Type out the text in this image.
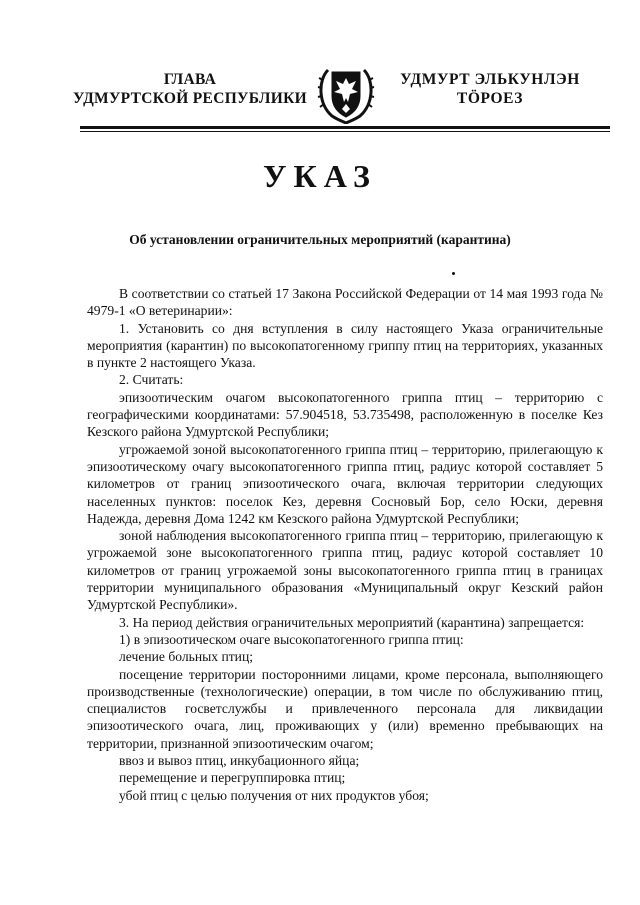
ГЛАВА
УДМУРТСКОЙ РЕСПУБЛИКИ
УДМУРТ ЭЛЬКУНЛЭН
ТӦРОЕЗ
УКАЗ
Об установлении ограничительных мероприятий (карантина)

В соответствии со статьей 17 Закона Российской Федерации от 14 мая 1993 года № 4979-1 «О ветеринарии»:

1. Установить со дня вступления в силу настоящего Указа ограничительные мероприятия (карантин) по высокопатогенному гриппу птиц на территориях, указанных в пункте 2 настоящего Указа.

2. Считать:

эпизоотическим очагом высокопатогенного гриппа птиц – территорию с географическими координатами: 57.904518, 53.735498, расположенную в поселке Кез Кезского района Удмуртской Республики;

угрожаемой зоной высокопатогенного гриппа птиц – территорию, прилегающую к эпизоотическому очагу высокопатогенного гриппа птиц, радиус которой составляет 5 километров от границ эпизоотического очага, включая территории следующих населенных пунктов: поселок Кез, деревня Сосновый Бор, село Юски, деревня Надежда, деревня Дома 1242 км Кезского района Удмуртской Республики;

зоной наблюдения высокопатогенного гриппа птиц – территорию, прилегающую к угрожаемой зоне высокопатогенного гриппа птиц, радиус которой составляет 10 километров от границ угрожаемой зоны высокопатогенного гриппа птиц в границах территории муниципального образования «Муниципальный округ Кезский район Удмуртской Республики».

3. На период действия ограничительных мероприятий (карантина) запрещается:

1) в эпизоотическом очаге высокопатогенного гриппа птиц:

лечение больных птиц;

посещение территории посторонними лицами, кроме персонала, выполняющего производственные (технологические) операции, в том числе по обслуживанию птиц, специалистов госветслужбы и привлеченного персонала для ликвидации эпизоотического очага, лиц, проживающих у (или) временно пребывающих на территории, признанной эпизоотическим очагом;

ввоз и вывоз птиц, инкубационного яйца;

перемещение и перегруппировка птиц;

убой птиц с целью получения от них продуктов убоя;
